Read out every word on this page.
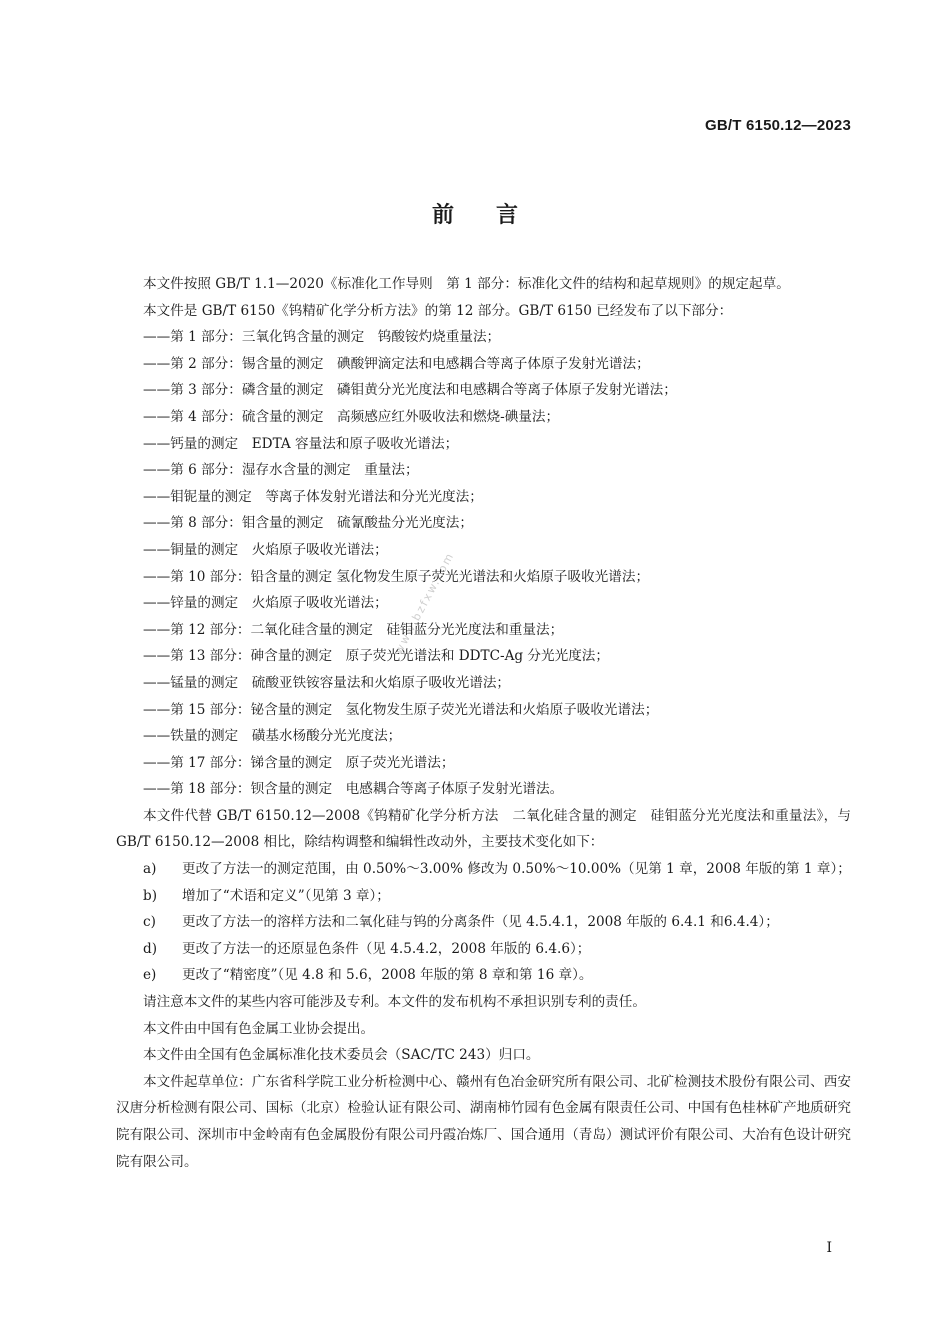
GB/T 6150.12—2023
前言
www.bzfxw.com
本文件按照 GB/T 1.1—2020《标准化工作导则　第 1 部分：标准化文件的结构和起草规则》的规定起草。
本文件是 GB/T 6150《钨精矿化学分析方法》的第 12 部分。GB/T 6150 已经发布了以下部分：
——第 1 部分：三氧化钨含量的测定　钨酸铵灼烧重量法；
——第 2 部分：锡含量的测定　碘酸钾滴定法和电感耦合等离子体原子发射光谱法；
——第 3 部分：磷含量的测定　磷钼黄分光光度法和电感耦合等离子体原子发射光谱法；
——第 4 部分：硫含量的测定　高频感应红外吸收法和燃烧-碘量法；
——钙量的测定　EDTA 容量法和原子吸收光谱法；
——第 6 部分：湿存水含量的测定　重量法；
——钼铌量的测定　等离子体发射光谱法和分光光度法；
——第 8 部分：钼含量的测定　硫氰酸盐分光光度法；
——铜量的测定　火焰原子吸收光谱法；
——第 10 部分：铅含量的测定 氢化物发生原子荧光光谱法和火焰原子吸收光谱法；
——锌量的测定　火焰原子吸收光谱法；
——第 12 部分：二氧化硅含量的测定　硅钼蓝分光光度法和重量法；
——第 13 部分：砷含量的测定　原子荧光光谱法和 DDTC-Ag 分光光度法；
——锰量的测定　硫酸亚铁铵容量法和火焰原子吸收光谱法；
——第 15 部分：铋含量的测定　氢化物发生原子荧光光谱法和火焰原子吸收光谱法；
——铁量的测定　磺基水杨酸分光光度法；
——第 17 部分：锑含量的测定　原子荧光光谱法；
——第 18 部分：钡含量的测定　电感耦合等离子体原子发射光谱法。
本文件代替 GB/T 6150.12—2008《钨精矿化学分析方法　二氧化硅含量的测定　硅钼蓝分光光度法和重量法》，与 GB/T 6150.12—2008 相比，除结构调整和编辑性改动外，主要技术变化如下：
a)	更改了方法一的测定范围，由 0.50%～3.00% 修改为 0.50%～10.00%（见第 1 章，2008 年版的第 1 章）；
b)	增加了“术语和定义”（见第 3 章）；
c)	更改了方法一的溶样方法和二氧化硅与钨的分离条件（见 4.5.4.1，2008 年版的 6.4.1 和6.4.4）；
d)	更改了方法一的还原显色条件（见 4.5.4.2，2008 年版的 6.4.6）；
e)	更改了“精密度”（见 4.8 和 5.6，2008 年版的第 8 章和第 16 章）。
请注意本文件的某些内容可能涉及专利。本文件的发布机构不承担识别专利的责任。
本文件由中国有色金属工业协会提出。
本文件由全国有色金属标准化技术委员会（SAC/TC 243）归口。
本文件起草单位：广东省科学院工业分析检测中心、赣州有色冶金研究所有限公司、北矿检测技术股份有限公司、西安汉唐分析检测有限公司、国标（北京）检验认证有限公司、湖南柿竹园有色金属有限责任公司、中国有色桂林矿产地质研究院有限公司、深圳市中金岭南有色金属股份有限公司丹霞冶炼厂、国合通用（青岛）测试评价有限公司、大冶有色设计研究院有限公司。
I
